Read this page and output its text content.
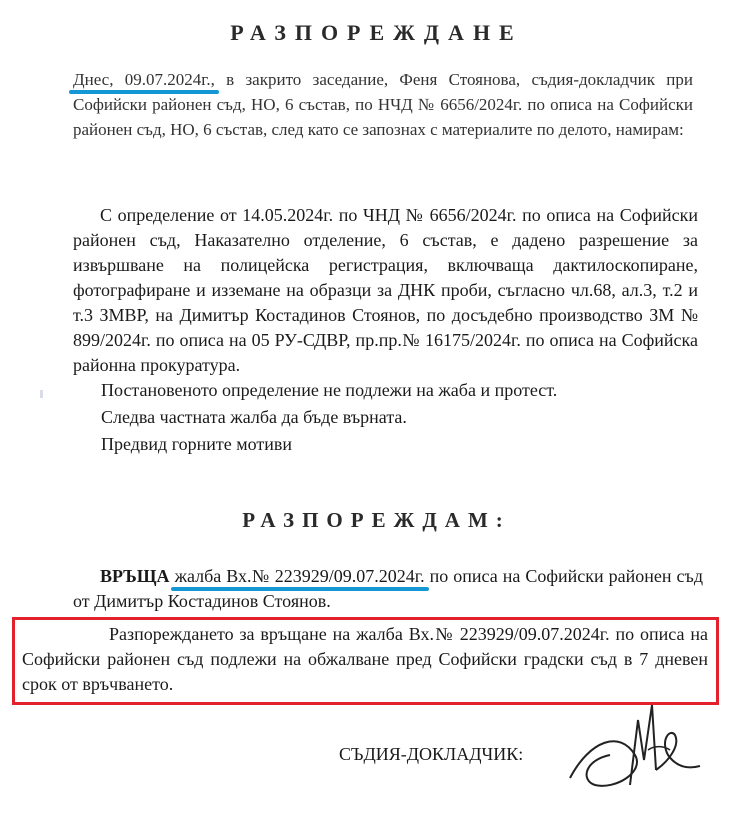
РАЗПОРЕЖДАНЕ
Днес, 09.07.2024г., в закрито заседание, Феня Стоянова, съдия-докладчик при Софийски районен съд, НО, 6 състав, по НЧД № 6656/2024г. по описа на Софийски районен съд, НО, 6 състав, след като се запознах с материалите по делото, намирам:
С определение от 14.05.2024г. по ЧНД № 6656/2024г. по описа на Софийски районен съд, Наказателно отделение, 6 състав, е дадено разрешение за извършване на полицейска регистрация, включваща дактилоскопиране, фотографиране и изземане на образци за ДНК проби, съгласно чл.68, ал.3, т.2 и т.3 ЗМВР, на Димитър Костадинов Стоянов, по досъдебно производство ЗМ № 899/2024г. по описа на 05 РУ-СДВР, пр.пр.№ 16175/2024г. по описа на Софийска районна прокуратура.
Постановеното определение не подлежи на жаба и протест.
Следва частната жалба да бъде върната.
Предвид горните мотиви
РАЗПОРЕЖДАМ:
ВРЪЩА жалба Вх.№ 223929/09.07.2024г. по описа на Софийски районен съд от Димитър Костадинов Стоянов.
Разпореждането за връщане на жалба Вх.№ 223929/09.07.2024г. по описа на Софийски районен съд подлежи на обжалване пред Софийски градски съд в 7 дневен срок от връчването.
СЪДИЯ-ДОКЛАДЧИК:
